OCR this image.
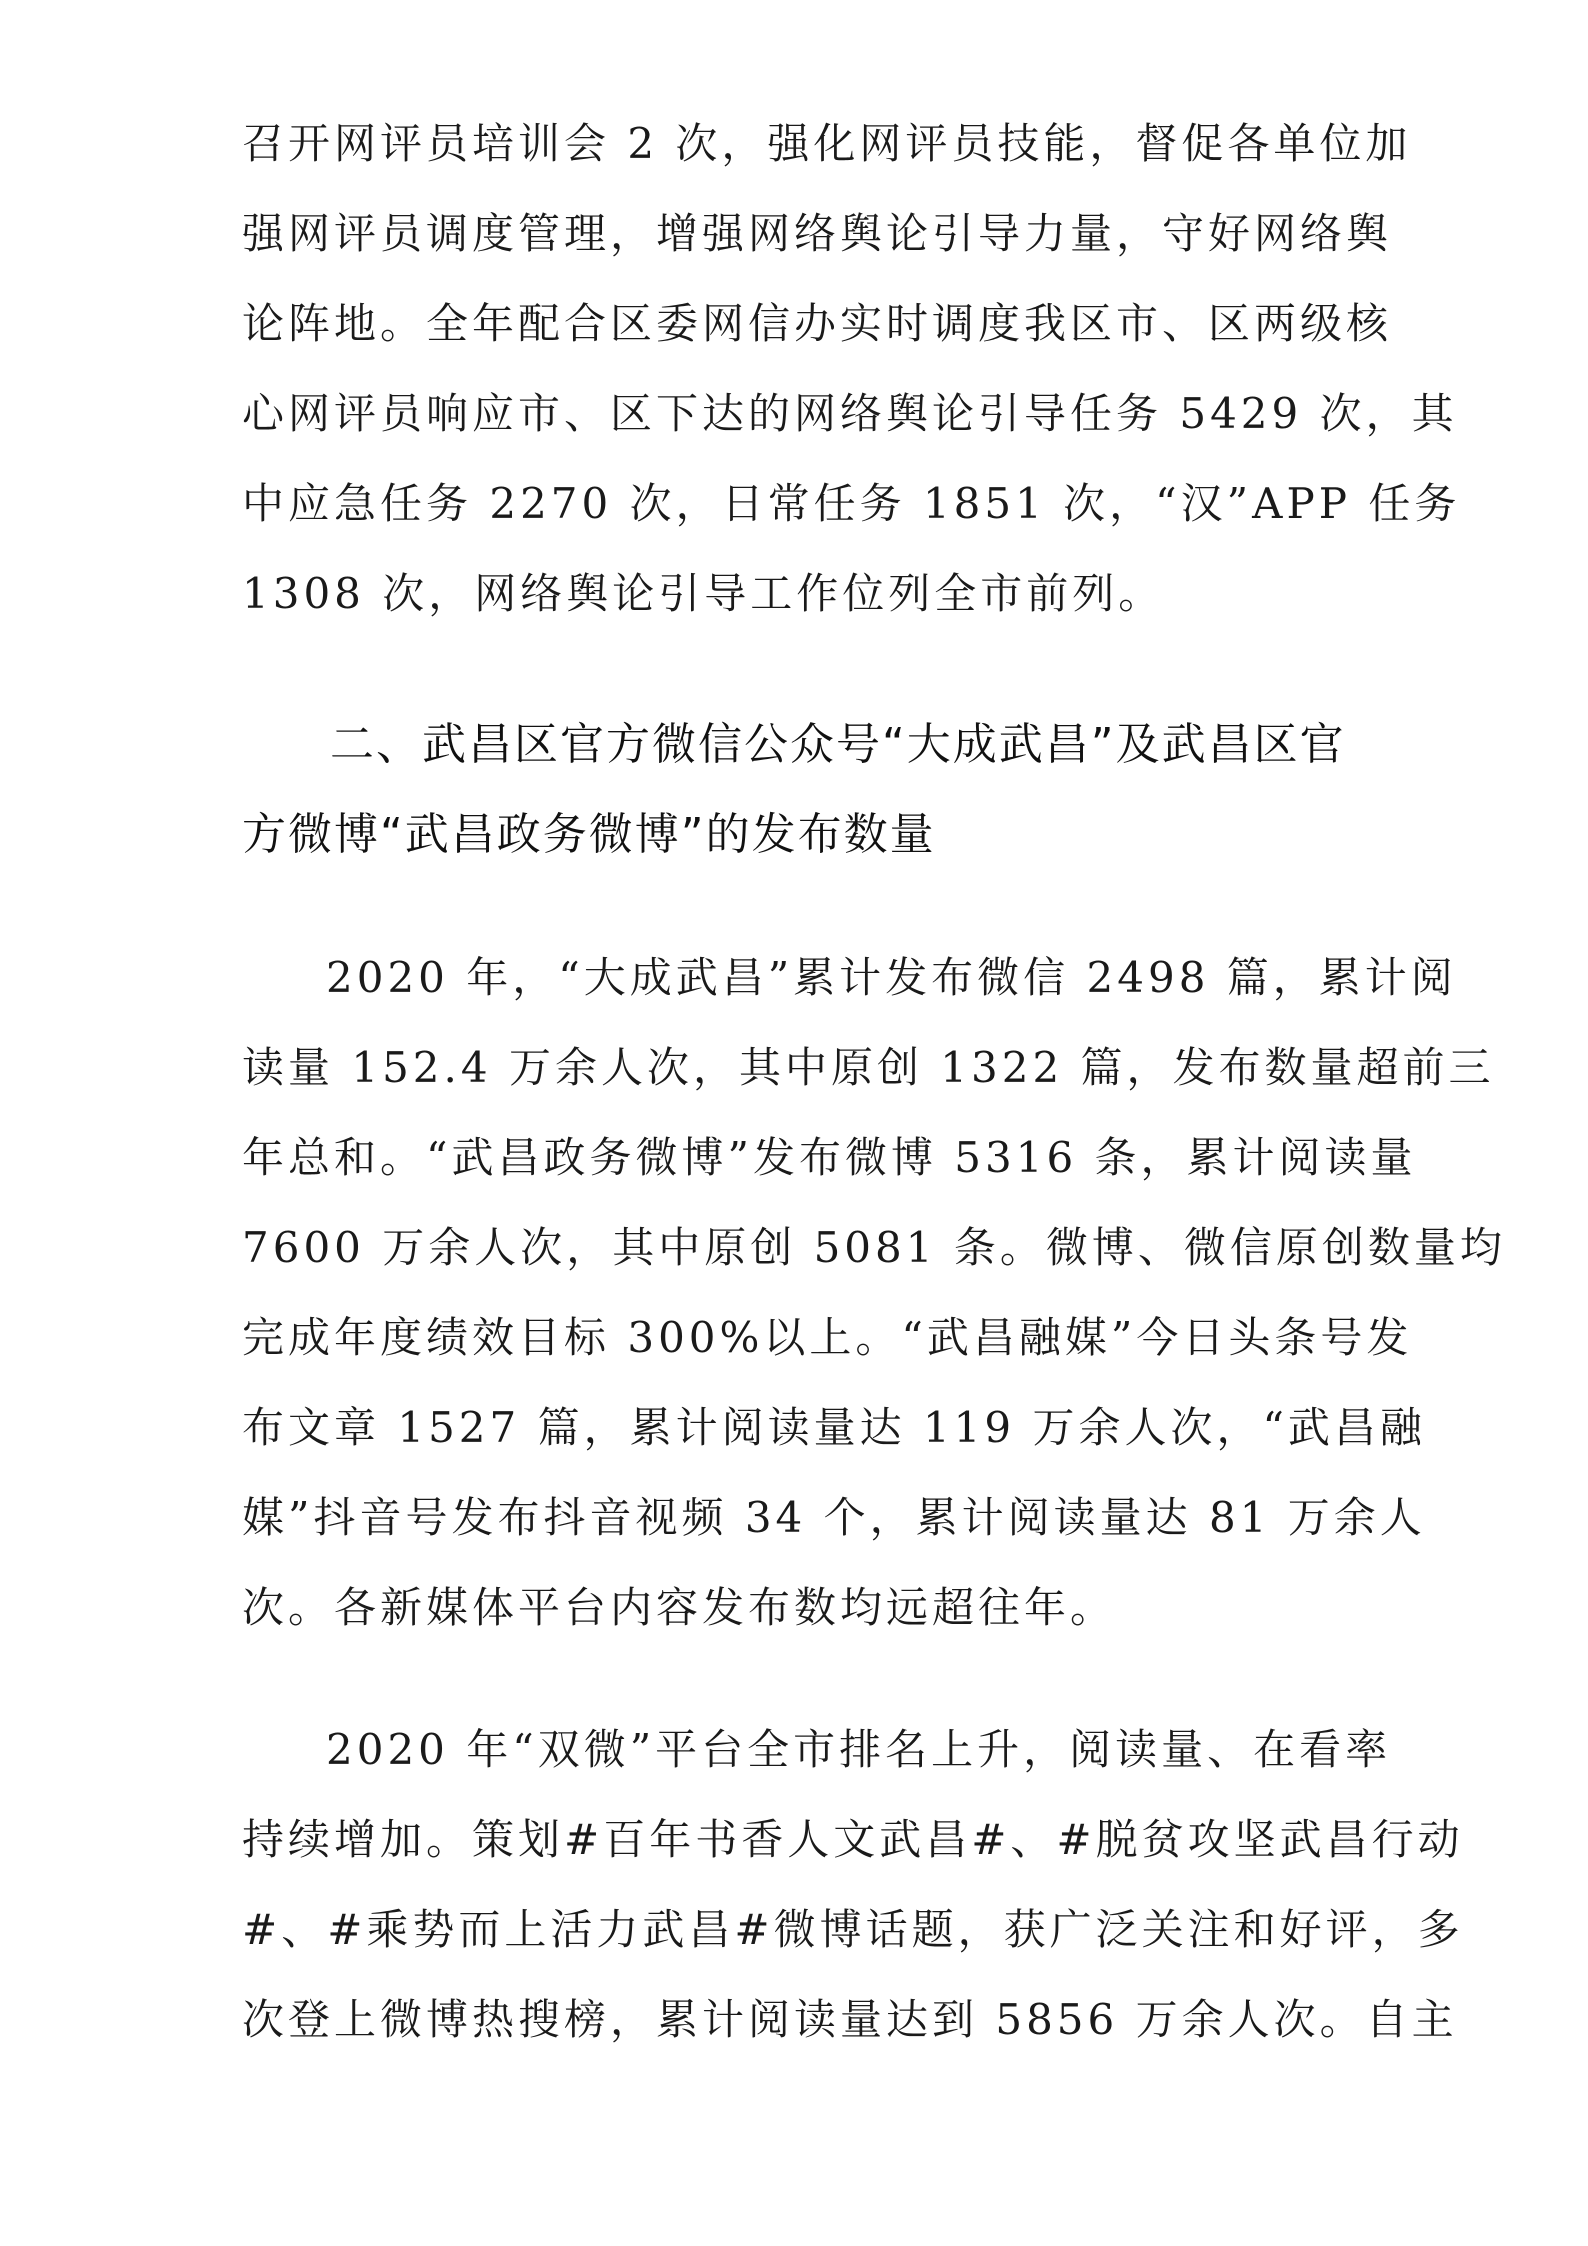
召开网评员培训会 2 次，强化网评员技能，督促各单位加
强网评员调度管理，增强网络舆论引导力量，守好网络舆
论阵地。全年配合区委网信办实时调度我区市、区两级核
心网评员响应市、区下达的网络舆论引导任务 5429 次，其
中应急任务 2270 次，日常任务 1851 次，“汉”APP 任务
1308 次，网络舆论引导工作位列全市前列。
二、武昌区官方微信公众号“大成武昌”及武昌区官
方微博“武昌政务微博”的发布数量
2020 年，“大成武昌”累计发布微信 2498 篇，累计阅
读量 152.4 万余人次，其中原创 1322 篇，发布数量超前三
年总和。“武昌政务微博”发布微博 5316 条，累计阅读量
7600 万余人次，其中原创 5081 条。微博、微信原创数量均
完成年度绩效目标 300%以上。“武昌融媒”今日头条号发
布文章 1527 篇，累计阅读量达 119 万余人次，“武昌融
媒”抖音号发布抖音视频 34 个，累计阅读量达 81 万余人
次。各新媒体平台内容发布数均远超往年。
2020 年“双微”平台全市排名上升，阅读量、在看率
持续增加。策划#百年书香人文武昌#、#脱贫攻坚武昌行动
#、#乘势而上活力武昌#微博话题，获广泛关注和好评，多
次登上微博热搜榜，累计阅读量达到 5856 万余人次。自主
